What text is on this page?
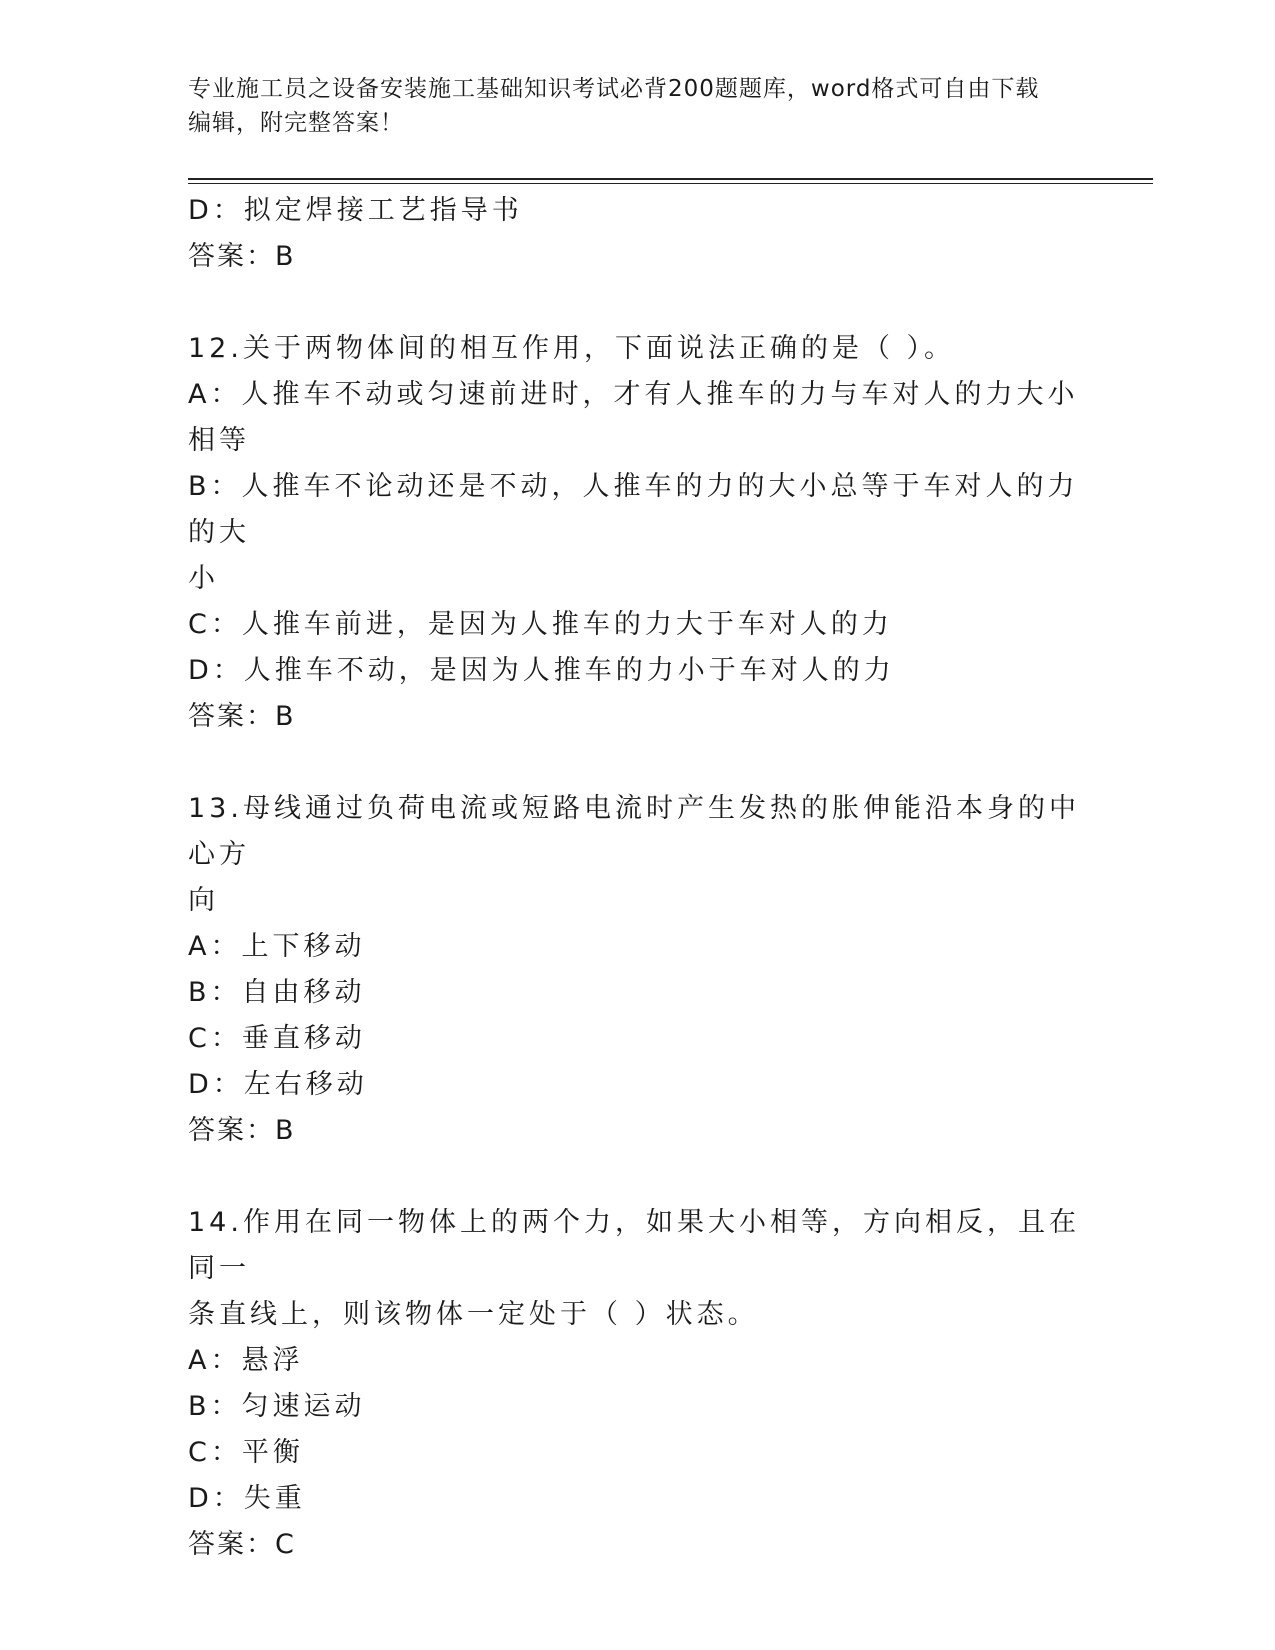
专业施工员之设备安装施工基础知识考试必背200题题库，word格式可自由下载
编辑，附完整答案！
D：拟定焊接工艺指导书
答案：B
12.关于两物体间的相互作用，下面说法正确的是（ ）。
A：人推车不动或匀速前进时，才有人推车的力与车对人的力大小相等
B：人推车不论动还是不动，人推车的力的大小总等于车对人的力的大
小
C：人推车前进，是因为人推车的力大于车对人的力
D：人推车不动，是因为人推车的力小于车对人的力
答案：B
13.母线通过负荷电流或短路电流时产生发热的胀伸能沿本身的中心方
向
A：上下移动
B：自由移动
C：垂直移动
D：左右移动
答案：B
14.作用在同一物体上的两个力，如果大小相等，方向相反，且在同一
条直线上，则该物体一定处于（ ）状态。
A：悬浮
B：匀速运动
C：平衡
D：失重
答案：C
